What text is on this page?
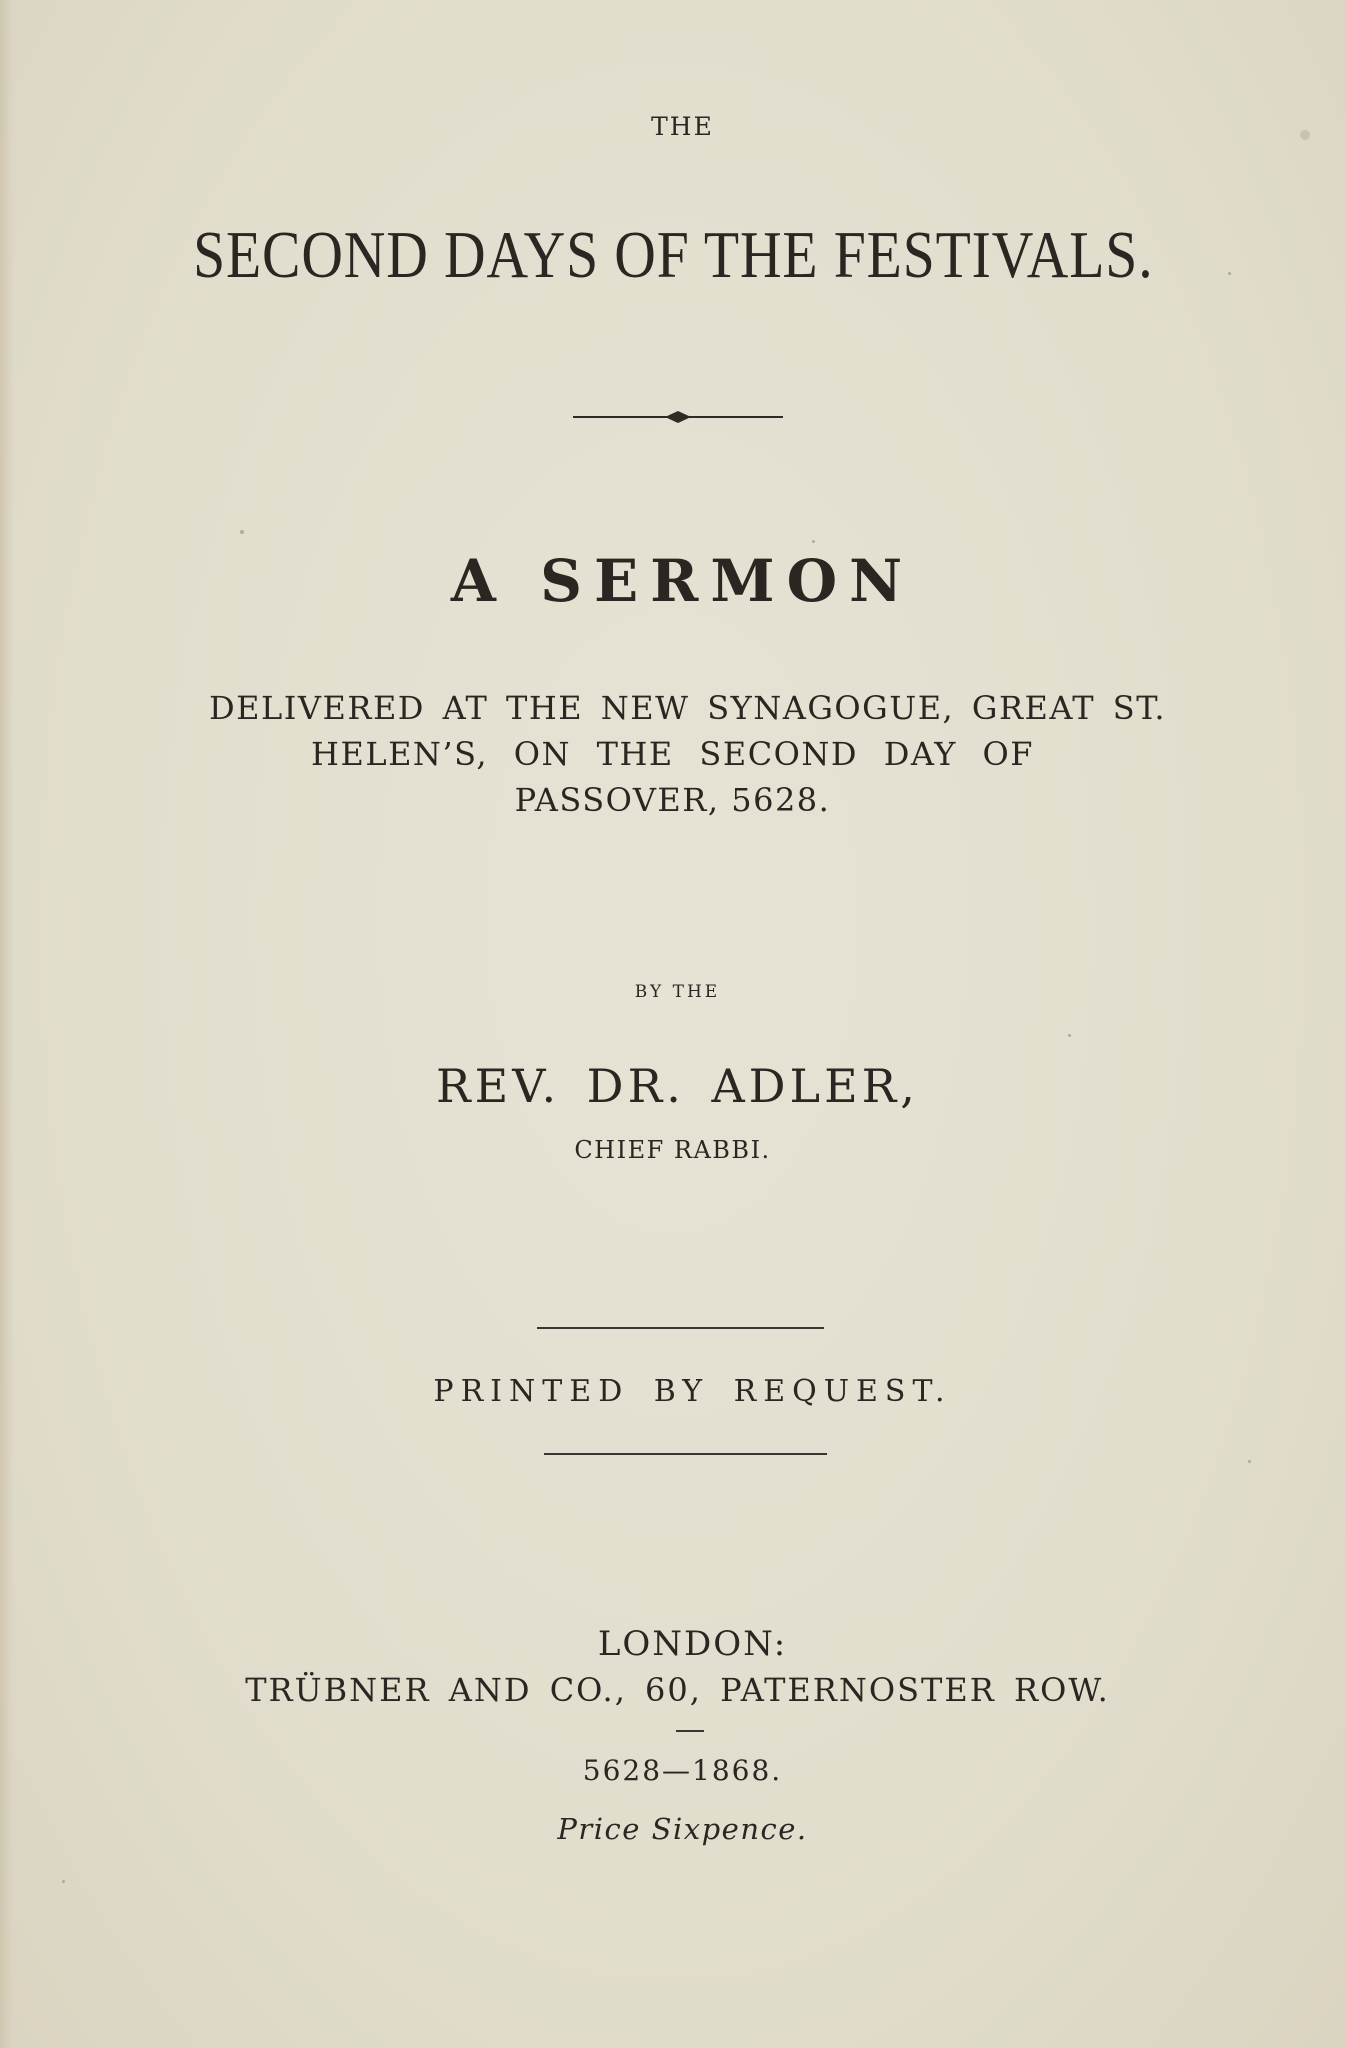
THE
SECOND DAYS OF THE FESTIVALS.
A SERMON
DELIVERED AT THE NEW SYNAGOGUE, GREAT ST.
HELEN’S, ON THE SECOND DAY OF
PASSOVER, 5628.
BY THE
REV. DR. ADLER,
CHIEF RABBI.
PRINTED BY REQUEST.
LONDON:
TRÜBNER AND CO., 60, PATERNOSTER ROW.
5628—1868.
Price Sixpence.
